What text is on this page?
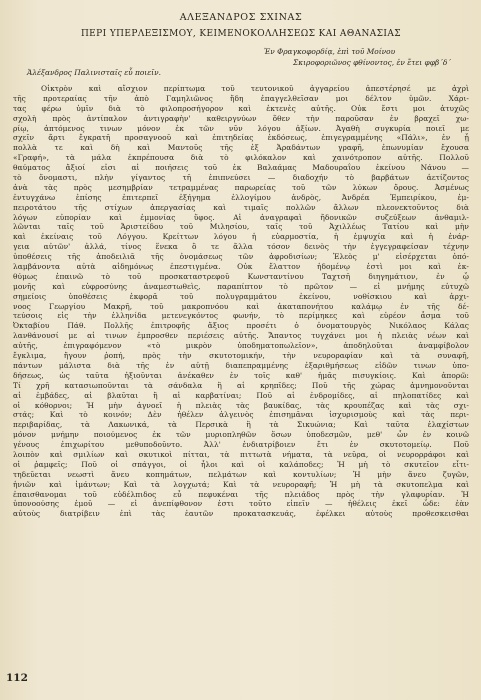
ΑΛΕΞΑΝΔΡΟΣ ΣΧΙΝΑΣ
ΠΕΡΙ ΥΠΕΡΛΕΞΙΣΜΟΥ, ΚΕΙΜΕΝΟΚΟΛΛΗΣΕΩΣ ΚΑΙ ΑΘΑΝΑΣΙΑΣ
Ἐν Φραγκοφορδίᾳ, ἐπὶ τοῦ Μοίνου
Σκιροφοριῶνος φθίνοντος, ἐν ἔτει φφβ΄δ΄
Ἀλέξανδρος Παλινισταῖς εὖ ποιεῖν.
Οἰκτρὸν καὶ αἴσχιον περίπτωμα τοῦ τευτονικοῦ ἀγγαρείου ἀπεστέρησέ με ἀχρὶ
τῆς προτεραίας τῆν ἀπὸ Γαμηλιῶνος ἤδη ἐπαγγελθεῖσαν μοι δέλτον ὑμῶν. Χάρι-
τας φέρω ὑμῖν διὰ τὸ φιλοπροσήγορον καὶ ἐκτενὲς αὐτῆς. Οὐκ ἔστι μοι ἀτυχῶς
σχολὴ πρὸς ἀντίπαλον ἀντιγραφὴν' καθειργνύων ὅθεν τὴν παροῦσαν ἐν βραχεῖ χω-
ρίῳ, ἀπτόμενος τινων μόνον ἐκ τῶν νῦν λόγου ἀξίων. Ἀγαθὴ συγκυρία ποιεῖ με
σχεῖν ἄρτι ἔγκρατῆ προσαγνοοῦ καὶ ἐπιτηδείας ἐκδόσεως, ἐπιγεγραμμένης «Πάλι», ἐν ᾗ
πολλὰ τε καὶ δὴ καὶ Μαντοῦς τῆς ἐξ Ἀραδάντων γραφῆ, ἐπωνυμίαν ἔχουσα
«Γραφή», τὰ μάλα ἐκπρέπουσα διὰ τὸ φιλόκαλον καὶ χαινότροπον αὐτῆς. Πολλοῦ
θαύματος ἄξιοί εἰσι αἱ ποιήσεις τοῦ ἐκ Βαλαάμας Μαδουραΐου ἐκείνου Νάνου —
τὸ ὄνομαστι, πλὴν γίγαντος τῆ ἐπιπνεύσει — διαδοχήν τὸ βαρβάτων ἀετίζοντος
ἀνὰ τὰς πρὸς μεσημβρίαν τετραμμένας παρωρείας τοῦ τῶν λύκων ὄρους. Ἀσμένως
ἐντυγχάνω ἐπίσης ἐπιτερπεῖ ἐξήγημα ἐλλογίμου ἀνδρὸς, Ἀνδρέα Ἐμπειρίκου, ἐμ-
πειροτάτου τῆς στίχων ἀπεργασίας καὶ τιμαῖς πολλῶν ἄλλων πλεονεκτοῦντος διὰ
λόγων εὐπορίαν καὶ ἐμμονίας ὕφος. Αἱ ἀναγραφαὶ ἤδονικῶν συζεύξεων ἀνθαμιλ-
λῶνται ταῖς τοῦ Ἀριστείδου τοῦ Μιλησίου, ταῖς τοῦ Ἀχιλλέως Τατίου καὶ μὴν
καὶ ἐκείναις τοῦ Λόγγου. Κρείττων λόγου ἡ εὐαρμοστία, ἡ ἐμψυχία καὶ ἡ ἐνάρ-
γεια αὐτῶν' ἀλλά, τίνος ἕνεκα ὃ τε ἄλλα τόσον δεινὸς τὴν ἐγγεγραφείσαν τέχνην
ὑποθέσεις τῆς ἀποδειλιᾶ τῆς ὀνομάσεως τῶν ἀφροδισίων; Ἐλεὸς μ' εἰσέρχεται ὁπό-
λαμβάνοντα αὐτὰ αἰδημόνως ἐπεστιγμένα. Οὐκ ἔλαττον ἡδομένῳ ἐστὶ μοι καὶ ἐκ-
θύμως ἐπαινῶ τὸ τοῦ προσκαταστρεφοῦ Κωνσταντίνου Ταχτσῆ διηγημάτιον, ἐν ᾧ
μονῆς καὶ εὐφροσύνης ἀναμεστωθεὶς, παραπίπτον τὸ πρῶτον — εἰ μνήμης εὐτυχῶ
σημείοις ὑποθέσεις ἐκφορᾶ τοῦ πολυγραμμάτου ἐκείνου, νοθίσκιου καὶ ἀρχι-
νοος Γεωργίου Μακρῆ, τοῦ μακροπνόου καὶ ἀκαταπονήτου καλάμῳ ἐν τῆς δέ-
τεύσοις εἰς τὴν ἑλληνίδα μετενεγκόντος φωνήν, τὸ περίμηκες καὶ εὑρέον ἆσμα τοῦ
Ὀκταβίου Πάθ. Πολλῆς ἐπιτροφῆς ἄξιος προσέτι ὁ ὀνοματουργὸς Νικόλαος Κάλας
λανθάνουσί με αἱ τινων ἐμπροσθεν περιέσεις αὐτῆς. Ἄπαντος τυγχάνει μοι ἡ πλειὰς νέων καὶ
αὐτῆς, ἐπιγραφόμενον «τὸ μικρὸν ὑποδηματοπωλεῖον», ἀποδηλοῦται ἀναμφίβολον
ἔγκλιμα, ἤγουν ῥοπή, πρὸς τὴν σκυτοτομικήν, τὴν νευροραφίαν καὶ τὰ συναφῆ,
πάντων μάλιστα διὰ τῆς ἐν αὐτῇ διαπεπραμμένης ἐξαριθμήσεως εἰδῶν τινων ὑπο-
δήσεως, ὡς ταῦτα ἠξιοῦνται ἀνέκαθεν ἐν τοῖς καθ' ἡμᾶς πισυγκίοις. Καὶ ἀπορῶ:
Τί χρῆ κατασιωποῦνται τὰ σάνδαλα ἢ αἱ κρηπῖδες; Ποῦ τῆς χώρας ἀμνημονοῦνται
αἱ ἐμβάδες, αἱ βλαῦται ἢ αἱ καρβατίναι; Ποῦ αἱ ἐνδρομίδες, αἱ πηλοπατίδες καὶ
οἱ κόθορνοι; Ἡ μὴν ἀγνοεῖ ἡ πλειὰς τὰς βαυκίδας, τὰς κρουπέζας καὶ τὰς σχι-
στάς; Καὶ τὸ κοινόν; Δὲν ἠθέλεν ἀλγεινὸς ἐπισημᾶναι ἰσχυρισμοὺς καὶ τὰς περι-
περιβαρίδας, τὰ Λακωνικά, τὰ Περσικὰ ἢ τὰ Σικυώνια; Καὶ ταῦτα ἐλαχίστων
μόνον μνήμην ποιούμενος ἐκ τῶν μυριοπληθῶν ὅσων ὑποδεσμῶν, μεθ' ὧν ἐν κοινῶ
γένους ἐπιχωρίτου μεθυποδοῦντο. Ἀλλ' ἐνδιατρίβοιεν ἔτι ἐν σκυτοτομείῳ. Ποῦ
λοιπὸν καὶ σμιλίων καὶ σκυτικοὶ πίτται, τὰ πιττωτὰ νήματα, τὰ νεῦρα, οἱ νευρορράφοι καὶ
οἱ ῥαμφεῖς; Ποῦ οἱ σπάγγοι, οἱ ἧλοι καὶ οἱ καλάποδες; Ἡ μὴ τὸ σκυτεῖον εἶτι-
τηδεῦεται νεωστὶ ἄνευ κοπημάτων, πελμάτων καὶ κοντυλίων; Ἡ μὴν ἄνευ ζυγῶν,
ἡνιῶν καὶ ἱμάντων; Καὶ τὰ λογχωτά; Καὶ τὰ νευροραφῆ; Ἡ μὴ τὰ σκυτοπελμα καὶ
ἐπαισθανομαι τοῦ εὐδέλπιδος εὖ πεφυκέναι τῆς πλειάδος πρὸς τὴν γλαφυρίαν. Ἡ
ὑπονοούσης ἐμοῦ — εἰ ἀνεπίφθονον ἐστι τοῦτο εἰπεῖν — ἠθέλεις ἐκεῖ ὧδε: ἐὰν
αὐτοὺς διατρίβειν ἐπὶ τὰς ἑαυτῶν προκατασκευάς, ἐφέλκει αὐτοὺς προθεσκεισθαι
112
